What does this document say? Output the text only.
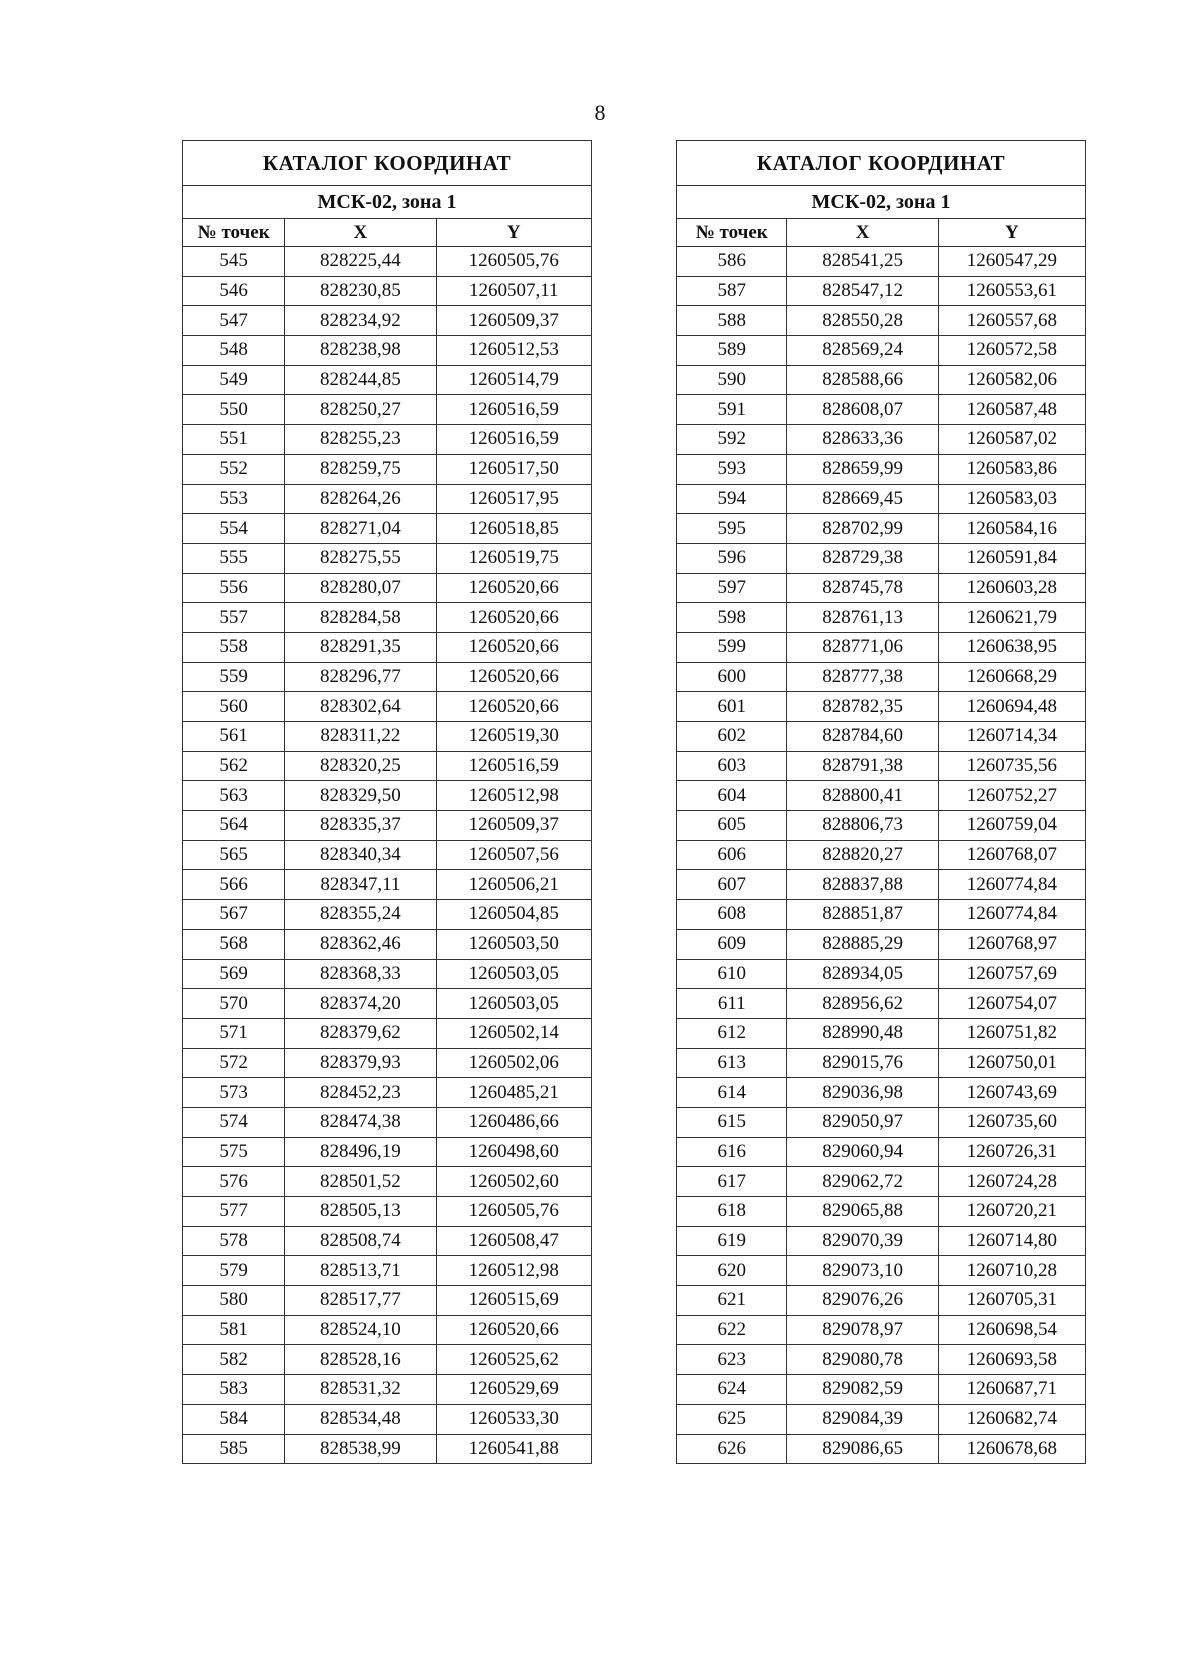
8
КАТАЛОГ КООРДИНАТ		
МСК-02, зона 1		
№ точек	X	Y
545	828225,44	1260505,76
546	828230,85	1260507,11
547	828234,92	1260509,37
548	828238,98	1260512,53
549	828244,85	1260514,79
550	828250,27	1260516,59
551	828255,23	1260516,59
552	828259,75	1260517,50
553	828264,26	1260517,95
554	828271,04	1260518,85
555	828275,55	1260519,75
556	828280,07	1260520,66
557	828284,58	1260520,66
558	828291,35	1260520,66
559	828296,77	1260520,66
560	828302,64	1260520,66
561	828311,22	1260519,30
562	828320,25	1260516,59
563	828329,50	1260512,98
564	828335,37	1260509,37
565	828340,34	1260507,56
566	828347,11	1260506,21
567	828355,24	1260504,85
568	828362,46	1260503,50
569	828368,33	1260503,05
570	828374,20	1260503,05
571	828379,62	1260502,14
572	828379,93	1260502,06
573	828452,23	1260485,21
574	828474,38	1260486,66
575	828496,19	1260498,60
576	828501,52	1260502,60
577	828505,13	1260505,76
578	828508,74	1260508,47
579	828513,71	1260512,98
580	828517,77	1260515,69
581	828524,10	1260520,66
582	828528,16	1260525,62
583	828531,32	1260529,69
584	828534,48	1260533,30
585	828538,99	1260541,88
КАТАЛОГ КООРДИНАТ		
МСК-02, зона 1		
№ точек	X	Y
586	828541,25	1260547,29
587	828547,12	1260553,61
588	828550,28	1260557,68
589	828569,24	1260572,58
590	828588,66	1260582,06
591	828608,07	1260587,48
592	828633,36	1260587,02
593	828659,99	1260583,86
594	828669,45	1260583,03
595	828702,99	1260584,16
596	828729,38	1260591,84
597	828745,78	1260603,28
598	828761,13	1260621,79
599	828771,06	1260638,95
600	828777,38	1260668,29
601	828782,35	1260694,48
602	828784,60	1260714,34
603	828791,38	1260735,56
604	828800,41	1260752,27
605	828806,73	1260759,04
606	828820,27	1260768,07
607	828837,88	1260774,84
608	828851,87	1260774,84
609	828885,29	1260768,97
610	828934,05	1260757,69
611	828956,62	1260754,07
612	828990,48	1260751,82
613	829015,76	1260750,01
614	829036,98	1260743,69
615	829050,97	1260735,60
616	829060,94	1260726,31
617	829062,72	1260724,28
618	829065,88	1260720,21
619	829070,39	1260714,80
620	829073,10	1260710,28
621	829076,26	1260705,31
622	829078,97	1260698,54
623	829080,78	1260693,58
624	829082,59	1260687,71
625	829084,39	1260682,74
626	829086,65	1260678,68
